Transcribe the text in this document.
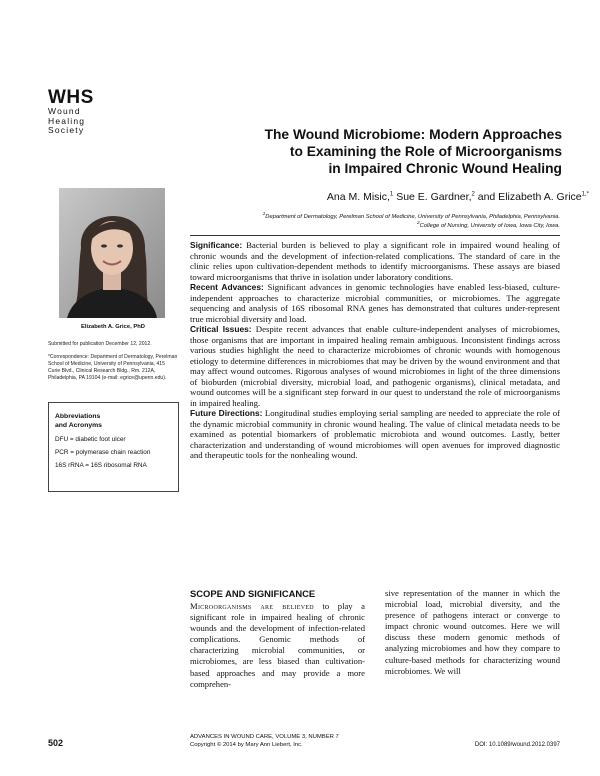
WHS
Wound
Healing
Society	The Wound Microbiome: Modern Approaches
to Examining the Role of Microorganisms
in Impaired Chronic Wound Healing
Ana M. Misic,$^1$ Sue E. Gardner,$^2$ and Elizabeth A. Grice$^{1,*}$
$^1$Department of Dermatology, Perelman School of Medicine, University of Pennsylvania, Philadelphia, Pennsylvania.
$^2$College of Nursing, University of Iowa, Iowa City, Iowa.
Elizabeth A. Grice, PhD

Submitted for publication December 12, 2012.

*Correspondence: Department of Dermatology, Perelman School of Medicine, University of Pennsylvania, 415 Curie Blvd., Clinical Research Bldg., Rm. 212A, Philadelphia, PA 19104 (e-mail: egrice@upenn.edu).

Abbreviations
and Acronyms

DFU = diabetic foot ulcer

PCR = polymerase chain reaction

16S rRNA = 16S ribosomal RNA

Significance: Bacterial burden is believed to play a significant role in impaired wound healing of chronic wounds and the development of infection-related complications. The standard of care in the clinic relies upon cultivation-dependent methods to identify microorganisms. These assays are biased toward microorganisms that thrive in isolation under laboratory conditions.

Recent Advances: Significant advances in genomic technologies have enabled less-biased, culture-independent approaches to characterize microbial communities, or microbiomes. The aggregate sequencing and analysis of 16S ribosomal RNA genes has demonstrated that cultures under-represent true microbial diversity and load.

Critical Issues: Despite recent advances that enable culture-independent analyses of microbiomes, those organisms that are important in impaired healing remain ambiguous. Inconsistent findings across various studies highlight the need to characterize microbiomes of chronic wounds with homogenous etiology to determine differences in microbiomes that may be driven by the wound environment and that may affect wound outcomes. Rigorous analyses of wound microbiomes in light of the three dimensions of bioburden (microbial diversity, microbial load, and pathogenic organisms), clinical metadata, and wound outcomes will be a significant step forward in our quest to understand the role of microorganisms in impaired healing.

Future Directions: Longitudinal studies employing serial sampling are needed to appreciate the role of the dynamic microbial community in chronic wound healing. The value of clinical metadata needs to be examined as potential biomarkers of problematic microbiota and wound outcomes. Lastly, better characterization and understanding of wound microbiomes will open avenues for improved diagnostic and therapeutic tools for the nonhealing wound.

SCOPE AND SIGNIFICANCE
Microorganisms are believed to play a significant role in impaired healing of chronic wounds and the development of infection-related complications. Genomic methods of characterizing microbial communities, or microbiomes, are less biased than cultivation-based approaches and may provide a more comprehen-
sive representation of the manner in which the microbial load, microbial diversity, and the presence of pathogens interact or converge to impact chronic wound outcomes. Here we will discuss these modern genomic methods of analyzing microbiomes and how they compare to culture-based methods for characterizing wound microbiomes. We will
502
ADVANCES IN WOUND CARE, VOLUME 3, NUMBER 7
Copyright © 2014 by Mary Ann Liebert, Inc.	DOI: 10.1089/wound.2012.0397
